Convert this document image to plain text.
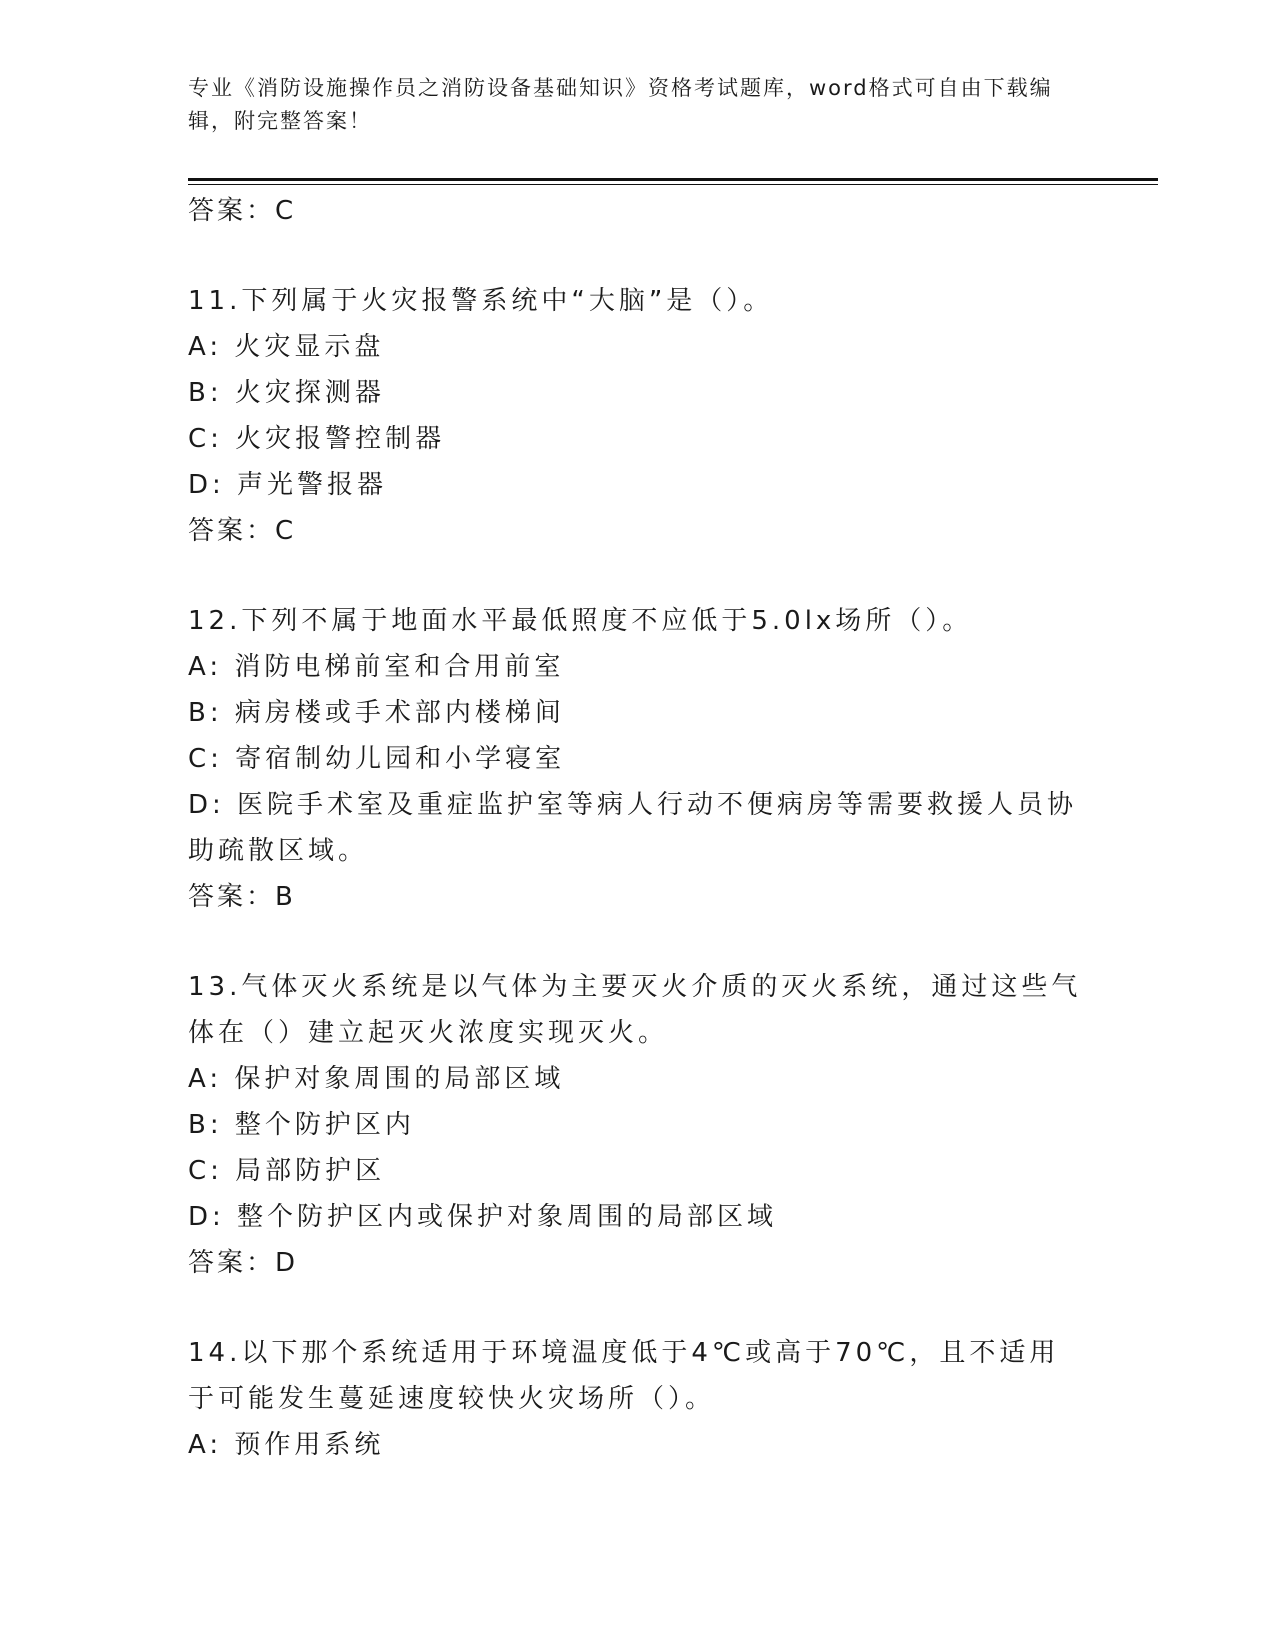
专业《消防设施操作员之消防设备基础知识》资格考试题库，word格式可自由下载编辑，附完整答案！
答案：C
11.下列属于火灾报警系统中“大脑”是（）。
A: 火灾显示盘
B: 火灾探测器
C: 火灾报警控制器
D: 声光警报器
答案：C
12.下列不属于地面水平最低照度不应低于5.0lx场所（）。
A: 消防电梯前室和合用前室
B: 病房楼或手术部内楼梯间
C: 寄宿制幼儿园和小学寝室
D: 医院手术室及重症监护室等病人行动不便病房等需要救援人员协助疏散区域。
答案：B
13.气体灭火系统是以气体为主要灭火介质的灭火系统，通过这些气体在（）建立起灭火浓度实现灭火。
A: 保护对象周围的局部区域
B: 整个防护区内
C: 局部防护区
D: 整个防护区内或保护对象周围的局部区域
答案：D
14.以下那个系统适用于环境温度低于4℃或高于70℃，且不适用于可能发生蔓延速度较快火灾场所（）。
A: 预作用系统
